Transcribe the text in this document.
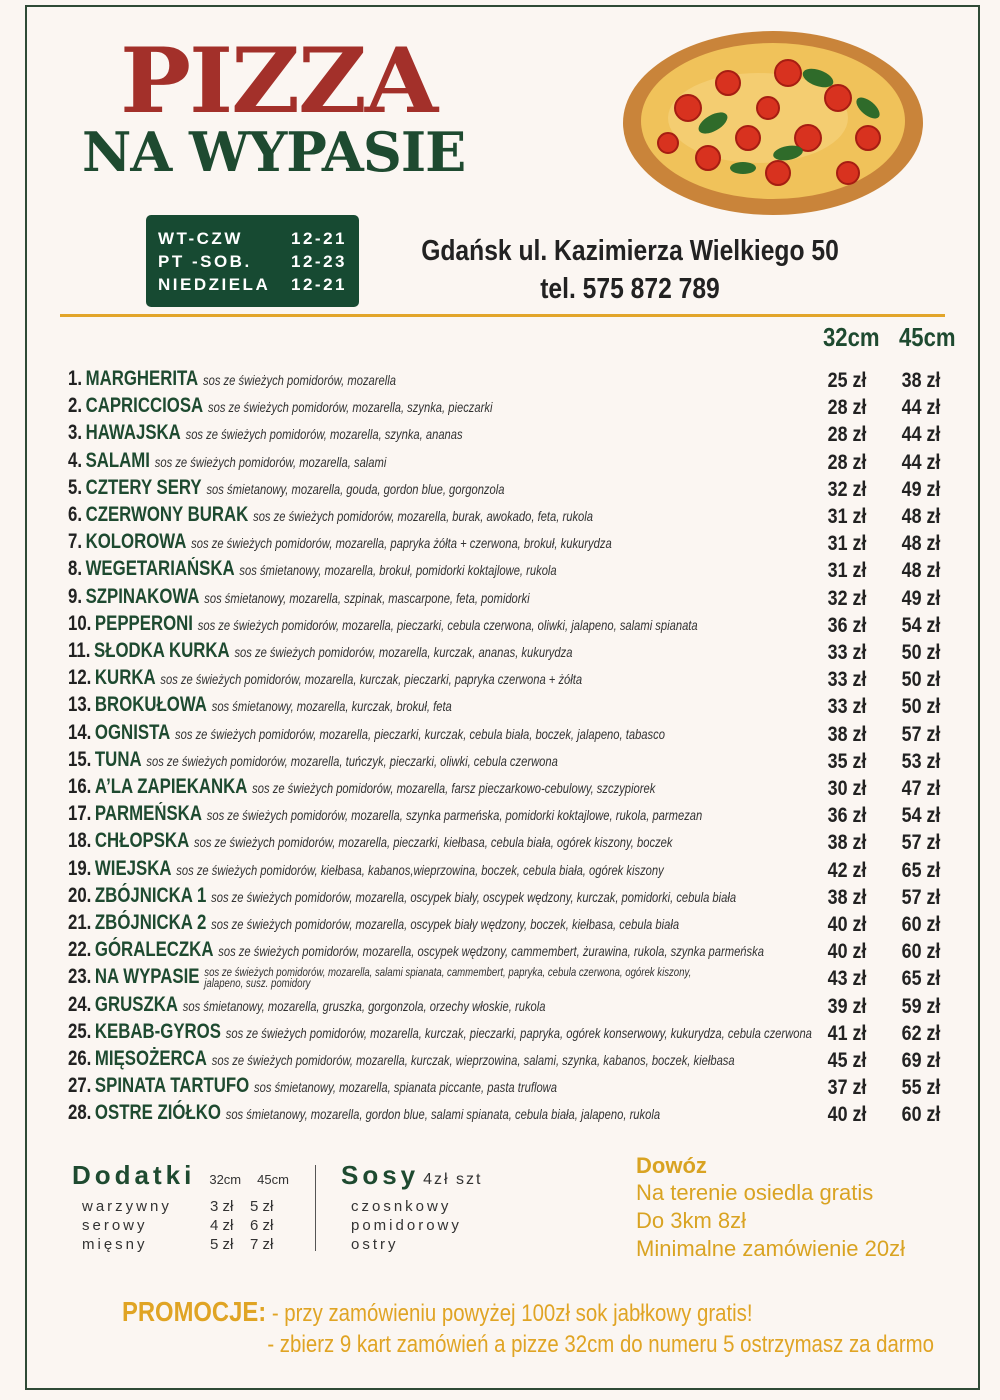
PIZZA
NA WYPASIE
WT-CZW	12-21
PT -SOB. 12-23
NIEDZIELA 12-21
Gdańsk ul. Kazimierza Wielkiego 50
tel. 575 872 789
32cm 45cm
1. MARGHERITA sos ze świeżych pomidorów, mozarella	25 zł 38 zł
2. CAPRICCIOSA sos ze świeżych pomidorów, mozarella, szynka, pieczarki	28 zł 44 zł
3. HAWAJSKA sos ze świeżych pomidorów, mozarella, szynka, ananas	28 zł 44 zł
4. SALAMI sos ze świeżych pomidorów, mozarella, salami	28 zł 44 zł
5. CZTERY SERY sos śmietanowy, mozarella, gouda, gordon blue, gorgonzola	32 zł 49 zł
6. CZERWONY BURAK sos ze świeżych pomidorów, mozarella, burak, awokado, feta, rukola	31 zł 48 zł
7. KOLOROWA sos ze świeżych pomidorów, mozarella, papryka żółta + czerwona, brokuł, kukurydza	31 zł 48 zł
8. WEGETARIAŃSKA sos śmietanowy, mozarella, brokuł, pomidorki koktajlowe, rukola	31 zł 48 zł
9. SZPINAKOWA sos śmietanowy, mozarella, szpinak, mascarpone, feta, pomidorki	32 zł 49 zł
10. PEPPERONI sos ze świeżych pomidorów, mozarella, pieczarki, cebula czerwona, oliwki, jalapeno, salami spianata	36 zł 54 zł
11. SŁODKA KURKA sos ze świeżych pomidorów, mozarella, kurczak, ananas, kukurydza	33 zł 50 zł
12. KURKA sos ze świeżych pomidorów, mozarella, kurczak, pieczarki, papryka czerwona + żółta	33 zł 50 zł
13. BROKUŁOWA sos śmietanowy, mozarella, kurczak, brokuł, feta	33 zł 50 zł
14. OGNISTA sos ze świeżych pomidorów, mozarella, pieczarki, kurczak, cebula biała, boczek, jalapeno, tabasco	38 zł 57 zł
15. TUNA sos ze świeżych pomidorów, mozarella, tuńczyk, pieczarki, oliwki, cebula czerwona	35 zł 53 zł
16. A’LA ZAPIEKANKA sos ze świeżych pomidorów, mozarella, farsz pieczarkowo-cebulowy, szczypiorek	30 zł 47 zł
17. PARMEŃSKA sos ze świeżych pomidorów, mozarella, szynka parmeńska, pomidorki koktajlowe, rukola, parmezan	36 zł 54 zł
18. CHŁOPSKA sos ze świeżych pomidorów, mozarella, pieczarki, kiełbasa, cebula biała, ogórek kiszony, boczek	38 zł 57 zł
19. WIEJSKA sos ze świeżych pomidorów, kiełbasa, kabanos,wieprzowina, boczek, cebula biała, ogórek kiszony	42 zł 65 zł
20. ZBÓJNICKA 1 sos ze świeżych pomidorów, mozarella, oscypek biały, oscypek wędzony, kurczak, pomidorki, cebula biała	38 zł 57 zł
21. ZBÓJNICKA 2 sos ze świeżych pomidorów, mozarella, oscypek biały wędzony, boczek, kiełbasa, cebula biała	40 zł 60 zł
22. GÓRALECZKA sos ze świeżych pomidorów, mozarella, oscypek wędzony, cammembert, żurawina, rukola, szynka parmeńska	40 zł 60 zł
23. NA WYPASIE sos ze świeżych pomidorów, mozarella, salami spianata, cammembert, papryka, cebula czerwona, ogórek kiszony,
jalapeno, susz. pomidory	43 zł 65 zł
24. GRUSZKA sos śmietanowy, mozarella, gruszka, gorgonzola, orzechy włoskie, rukola	39 zł 59 zł
25. KEBAB-GYROS sos ze świeżych pomidorów, mozarella, kurczak, pieczarki, papryka, ogórek konserwowy, kukurydza, cebula czerwona 41 zł 62 zł
26. MIĘSOŻERCA sos ze świeżych pomidorów, mozarella, kurczak, wieprzowina, salami, szynka, kabanos, boczek, kiełbasa	45 zł 69 zł
27. SPINATA TARTUFO sos śmietanowy, mozarella, spianata piccante, pasta truflowa	37 zł 55 zł
28. OSTRE ZIÓŁKO sos śmietanowy, mozarella, gordon blue, salami spianata, cebula biała, jalapeno, rukola	40 zł 60 zł
Dodatki 32cm 45cm
warzywny	3 zł	5 zł
serowy	4 zł	6 zł
mięsny	5 zł	7 zł
Sosy 4zł szt
czosnkowy
pomidorowy
ostry
Dowóz
Na terenie osiedla gratis
Do 3km 8zł
Minimalne zamówienie 20zł
PROMOCJE: - przy zamówieniu powyżej 100zł sok jabłkowy gratis!
- zbierz 9 kart zamówień a pizze 32cm do numeru 5 ostrzymasz za darmo
